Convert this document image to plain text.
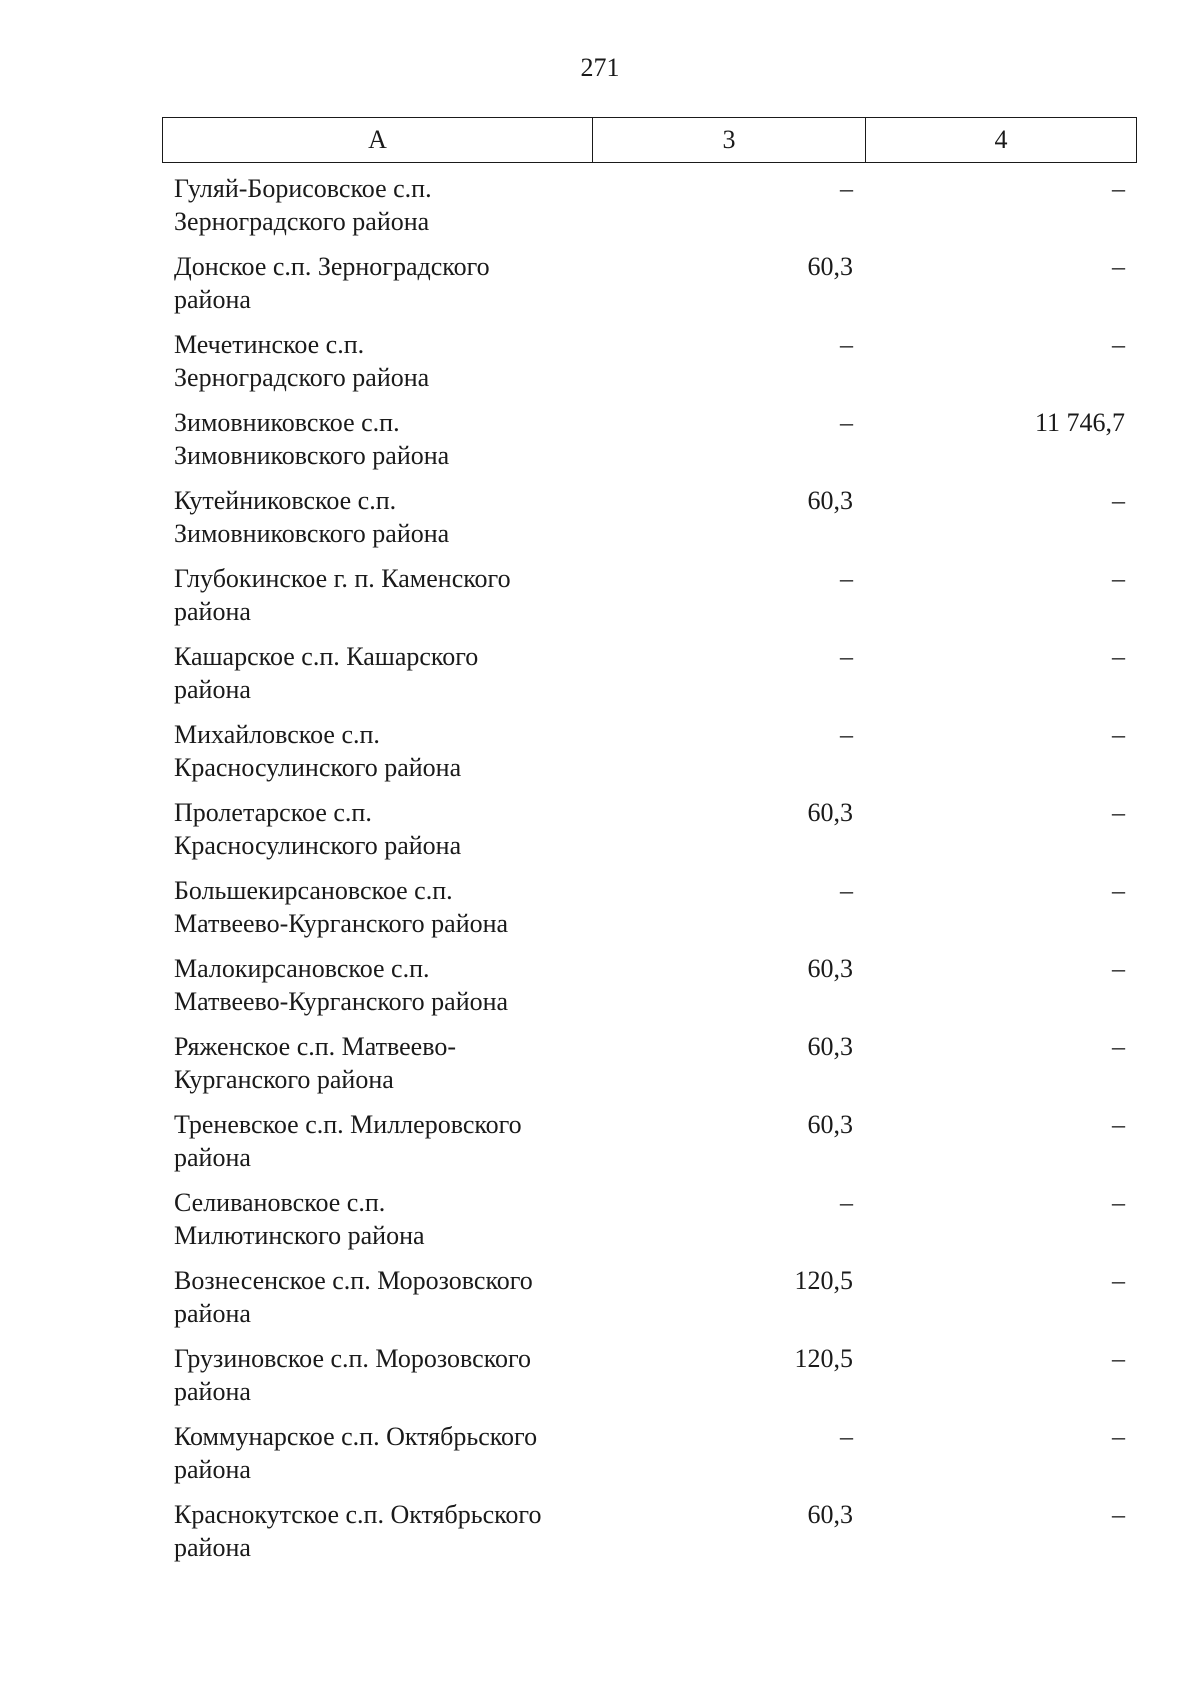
271
А	3	4
Гуляй-Борисовское с.п.
Зерноградского района
–	–
Донское с.п. Зерноградского
района
60,3	–
Мечетинское с.п.
Зерноградского района
–	–
Зимовниковское с.п.
Зимовниковского района
–	11 746,7
Кутейниковское с.п.
Зимовниковского района
60,3	–
Глубокинское г. п. Каменского
района
–	–
Кашарское с.п. Кашарского
района
–	–
Михайловское с.п.
Красносулинского района
–	–
Пролетарское с.п.
Красносулинского района
60,3	–
Большекирсановское с.п.
Матвеево-Курганского района
–	–
Малокирсановское с.п.
Матвеево-Курганского района
60,3	–
Ряженское с.п. Матвеево-
Курганского района
60,3	–
Треневское с.п. Миллеровского
района
60,3	–
Селивановское с.п.
Милютинского района
–	–
Вознесенское с.п. Морозовского
района
120,5	–
Грузиновское с.п. Морозовского
района
120,5	–
Коммунарское с.п. Октябрьского
района
–	–
Краснокутское с.п. Октябрьского
района
60,3	–
